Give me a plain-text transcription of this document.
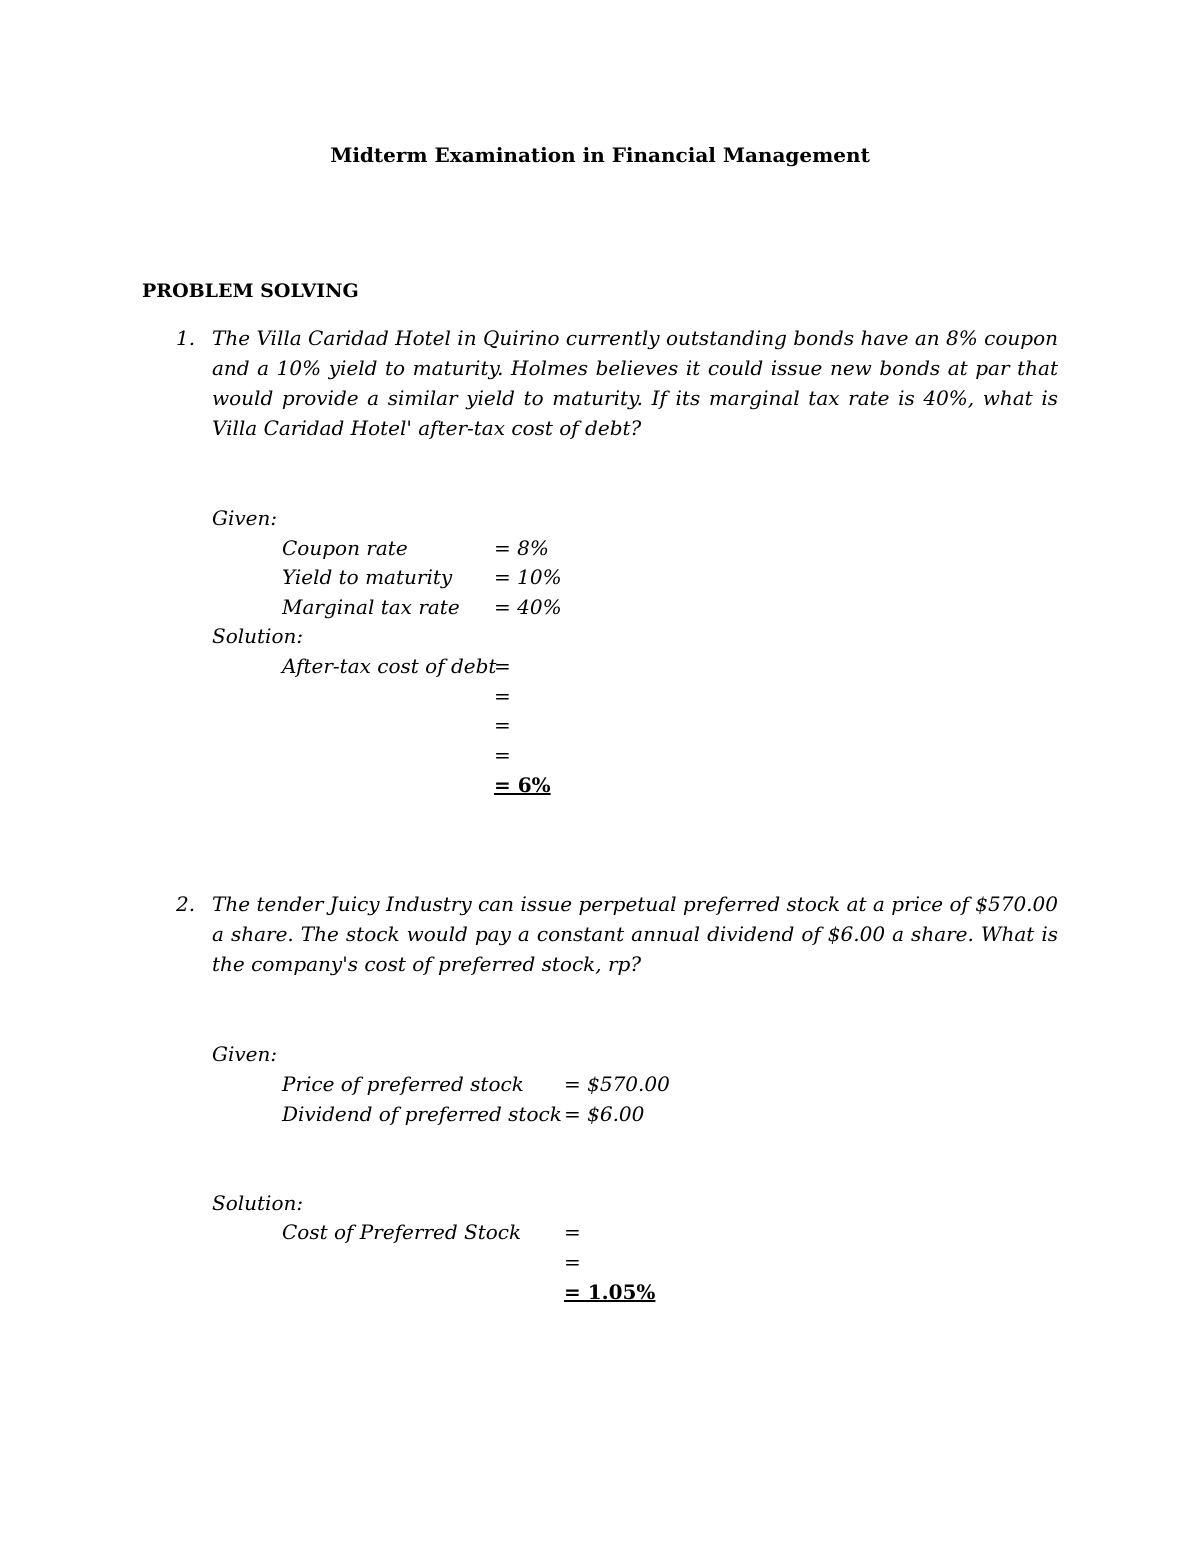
Midterm Examination in Financial Management
PROBLEM SOLVING
1. The Villa Caridad Hotel in Quirino currently outstanding bonds have an 8% coupon and a 10% yield to maturity. Holmes believes it could issue new bonds at par that would provide a similar yield to maturity. If its marginal tax rate is 40%, what is Villa Caridad Hotel' after-tax cost of debt?
Given:
Coupon rate	= 8%
Yield to maturity = 10%
Marginal tax rate = 40%
Solution:
After-tax cost of debt
=
=
=
=
= 6%
2. The tender Juicy Industry can issue perpetual preferred stock at a price of $570.00 a share. The stock would pay a constant annual dividend of $6.00 a share. What is the company's cost of preferred stock, rp?
Given:
Price of preferred stock = $570.00
Dividend of preferred stock = $6.00
Solution:
Cost of Preferred Stock =
=
= 1.05%
